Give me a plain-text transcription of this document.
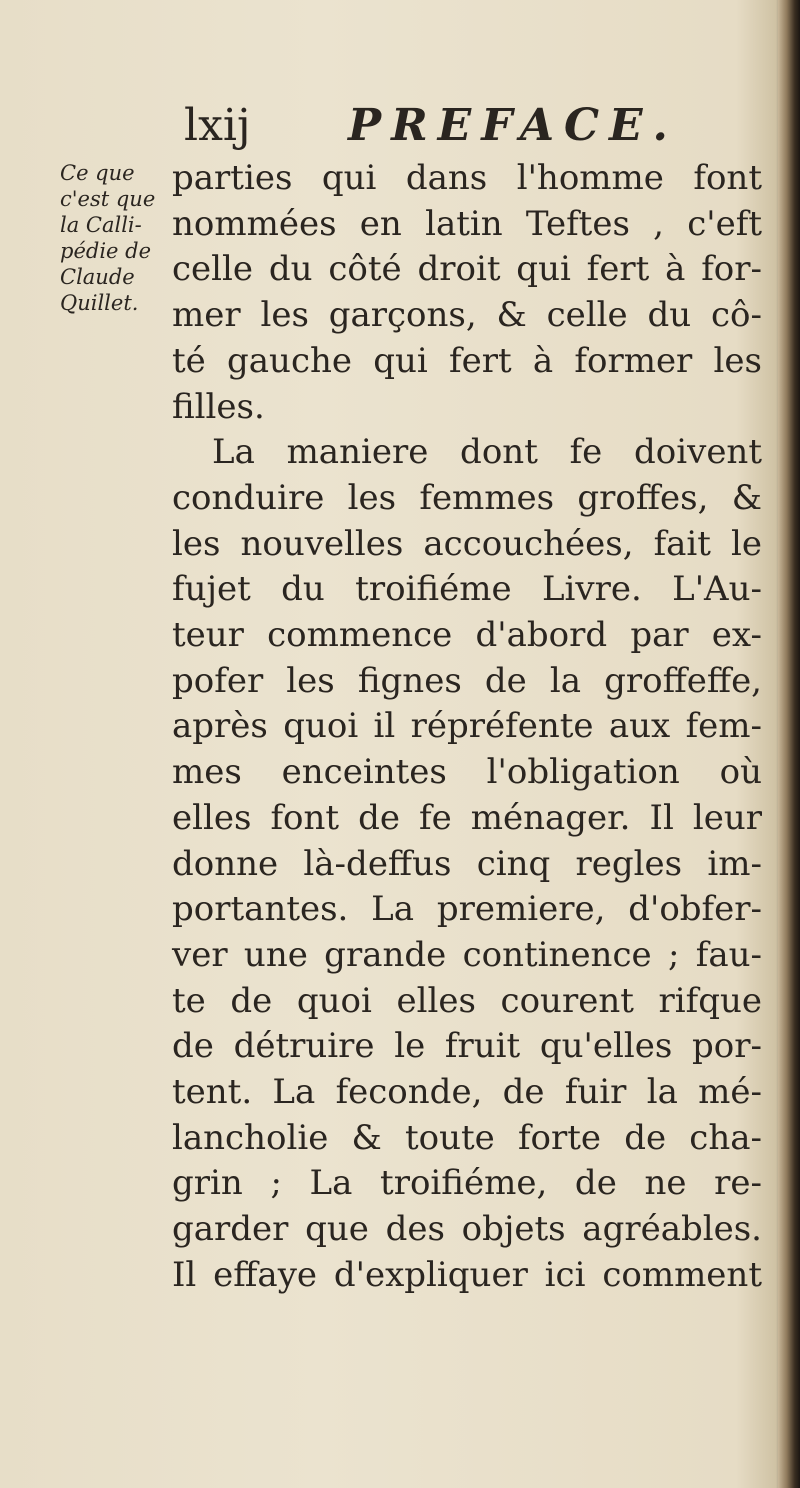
lxij PREFACE.
Ce que
c'est que
la Calli-
pédie de
Claude
Quillet.
parties qui dans l'homme font
nommées en latin Teftes , c'eft
celle du côté droit qui fert à for-
mer les garçons, & celle du cô-
té gauche qui fert à former les
filles.
La maniere dont fe doivent
conduire les femmes groffes, &
les nouvelles accouchées, fait le
fujet du troifiéme Livre. L'Au-
teur commence d'abord par ex-
pofer les fignes de la groffeffe,
après quoi il répréfente aux fem-
mes enceintes l'obligation où
elles font de fe ménager. Il leur
donne là-deffus cinq regles im-
portantes. La premiere, d'obfer-
ver une grande continence ; fau-
te de quoi elles courent rifque
de détruire le fruit qu'elles por-
tent. La feconde, de fuir la mé-
lancholie & toute forte de cha-
grin ; La troifiéme, de ne re-
garder que des objets agréables.
Il effaye d'expliquer ici comment
